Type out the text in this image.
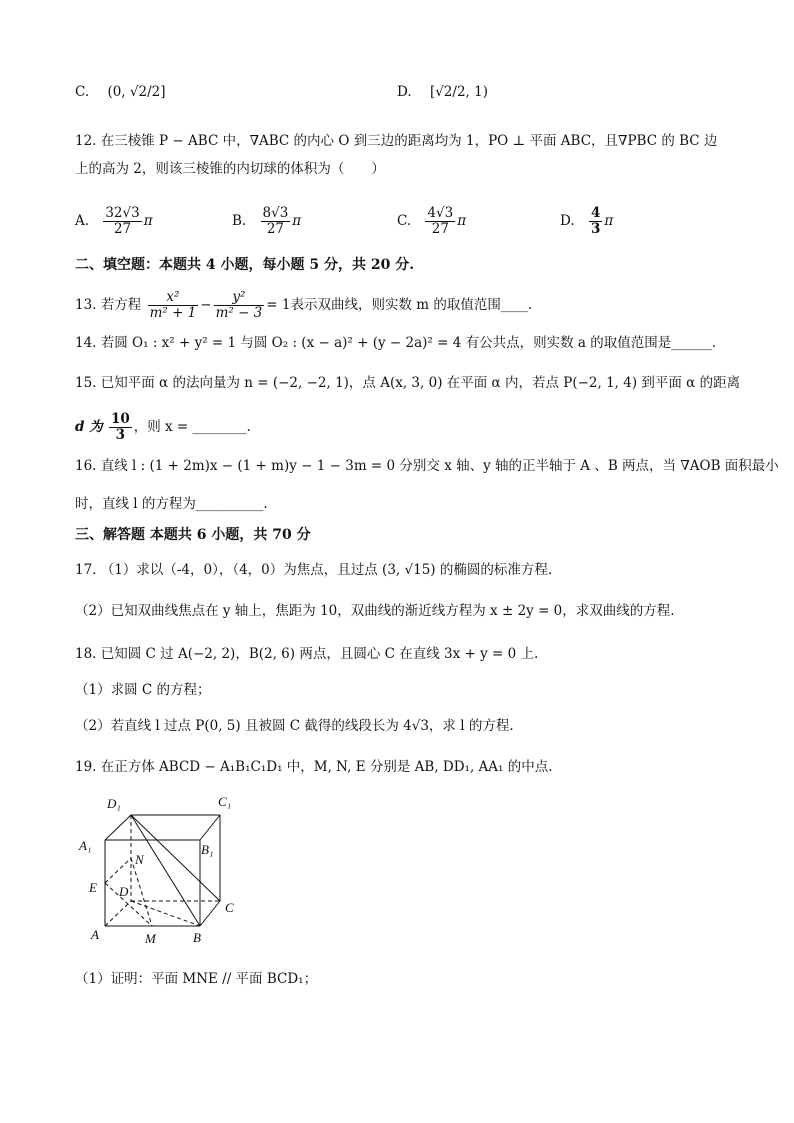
C. (0, √2/2]	D. [√2/2, 1)
12. 在三棱锥 P − ABC 中，∇ABC 的内心 O 到三边的距离均为 1，PO ⊥ 平面 ABC，且∇PBC 的 BC 边
上的高为 2，则该三棱锥的内切球的体积为（　　）
A. $\frac{32√3}{27}$ π	B. $\frac{8√3}{27}$ π	C. $\frac{4√3}{27}$ π	D. $\frac{4}{3}$ π
二、填空题：本题共 4 小题，每小题 5 分，共 20 分.
13. 若方程 $\frac{\text{x²}}{\text{m² + 1}} - \frac{\text{y²}}{\text{m² − 3}} = 1$表示双曲线，则实数 m 的取值范围____.
14. 若圆 O₁ : x² + y² = 1 与圆 O₂ : (x − a)² + (y − 2a)² = 4 有公共点，则实数 a 的取值范围是______.
15. 已知平面 α 的法向量为 n = (−2, −2, 1)，点 A(x, 3, 0) 在平面 α 内，若点 P(−2, 1, 4) 到平面 α 的距离
d 为 $\frac{10}{3}$ ，则 x = ________.
16. 直线 l : (1 + 2m)x − (1 + m)y − 1 − 3m = 0 分别交 x 轴、y 轴的正半轴于 A 、B 两点，当 ∇AOB 面积最小
时，直线 l 的方程为__________.
三、解答题 本题共 6 小题，共 70 分
17. （1）求以（-4，0），（4，0）为焦点，且过点 (3, √15) 的椭圆的标准方程.
（2）已知双曲线焦点在 y 轴上，焦距为 10，双曲线的渐近线方程为 x ± 2y = 0，求双曲线的方程.
18. 已知圆 C 过 A(−2, 2)，B(2, 6) 两点，且圆心 C 在直线 3x + y = 0 上.
（1）求圆 C 的方程；
（2）若直线 l 过点 P(0, 5) 且被圆 C 截得的线段长为 4√3，求 l 的方程.
19. 在正方体 ABCD − A₁B₁C₁D₁ 中，M, N, E 分别是 AB, DD₁, AA₁ 的中点.
D₁	C₁
A₁	B₁
N
E D
C
A	M	B
（1）证明：平面 MNE // 平面 BCD₁；
